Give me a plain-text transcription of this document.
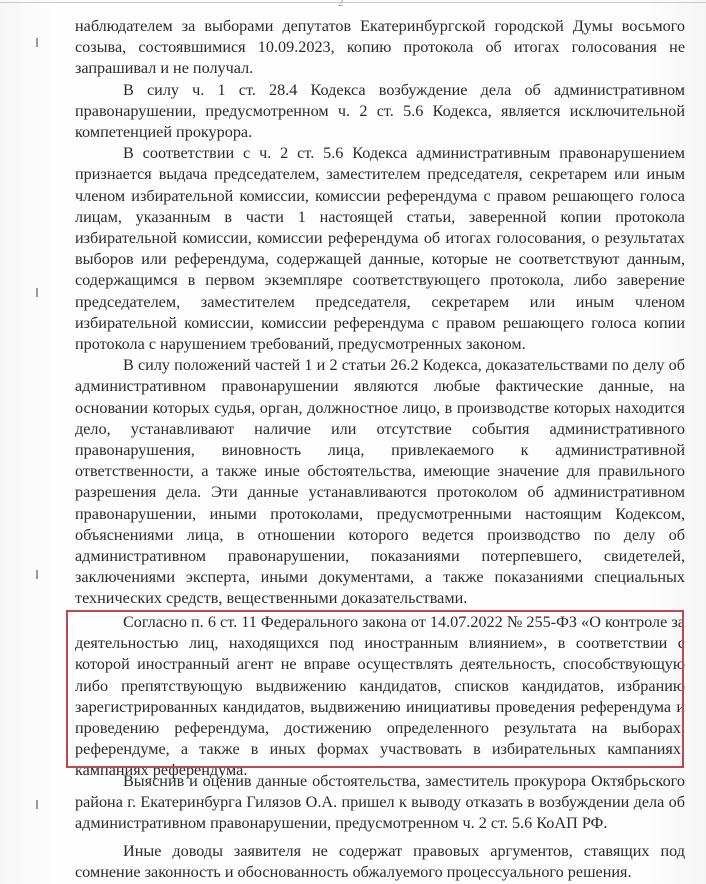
2

наблюдателем за выборами депутатов Екатеринбургской городской Думы восьмого созыва, состоявшимися 10.09.2023, копию протокола об итогах голосования не запрашивал и не получал.

В силу ч. 1 ст. 28.4 Кодекса возбуждение дела об административном правонарушении, предусмотренном ч. 2 ст. 5.6 Кодекса, является исключительной компетенцией прокурора.

В соответствии с ч. 2 ст. 5.6 Кодекса административным правонарушением признается выдача председателем, заместителем председателя, секретарем или иным членом избирательной комиссии, комиссии референдума с правом решающего голоса лицам, указанным в части 1 настоящей статьи, заверенной копии протокола избирательной комиссии, комиссии референдума об итогах голосования, о результатах выборов или референдума, содержащей данные, которые не соответствуют данным, содержащимся в первом экземпляре соответствующего протокола, либо заверение председателем, заместителем председателя, секретарем или иным членом избирательной комиссии, комиссии референдума с правом решающего голоса копии протокола с нарушением требований, предусмотренных законом.

В силу положений частей 1 и 2 статьи 26.2 Кодекса, доказательствами по делу об административном правонарушении являются любые фактические данные, на основании которых судья, орган, должностное лицо, в производстве которых находится дело, устанавливают наличие или отсутствие события административного правонарушения, виновность лица, привлекаемого к административной ответственности, а также иные обстоятельства, имеющие значение для правильного разрешения дела. Эти данные устанавливаются протоколом об административном правонарушении, иными протоколами, предусмотренными настоящим Кодексом, объяснениями лица, в отношении которого ведется производство по делу об административном правонарушении, показаниями потерпевшего, свидетелей, заключениями эксперта, иными документами, а также показаниями специальных технических средств, вещественными доказательствами.

Согласно п. 6 ст. 11 Федерального закона от 14.07.2022 № 255-ФЗ «О контроле за деятельностью лиц, находящихся под иностранным влиянием», в соответствии с которой иностранный агент не вправе осуществлять деятельность, способствующую либо препятствующую выдвижению кандидатов, списков кандидатов, избранию зарегистрированных кандидатов, выдвижению инициативы проведения референдума и проведению референдума, достижению определенного результата на выборах, референдуме, а также в иных формах участвовать в избирательных кампаниях, кампаниях референдума.

Выяснив и оценив данные обстоятельства, заместитель прокурора Октябрьского района г. Екатеринбурга Гилязов О.А. пришел к выводу отказать в возбуждении дела об административном правонарушении, предусмотренном ч. 2 ст. 5.6 КоАП РФ.

Иные доводы заявителя не содержат правовых аргументов, ставящих под сомнение законность и обоснованность обжалуемого процессуального решения.
